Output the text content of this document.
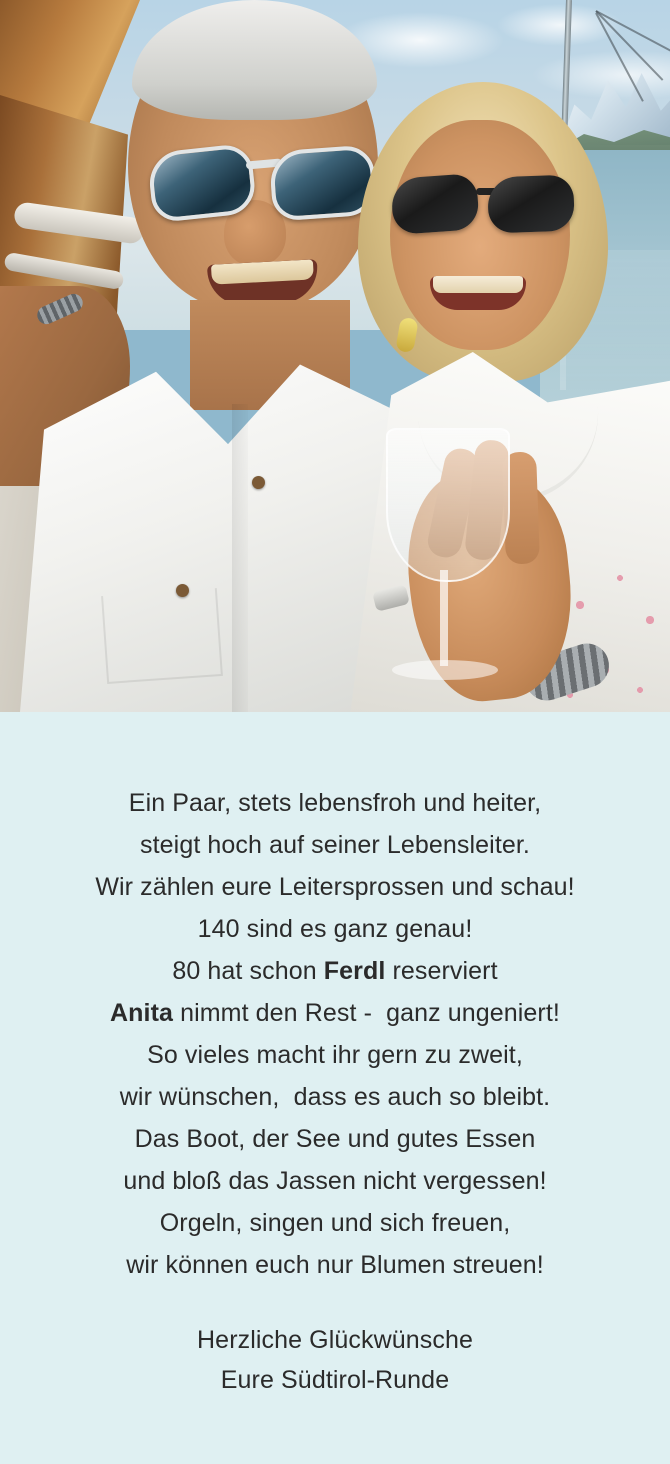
Ein Paar, stets lebensfroh und heiter,
steigt hoch auf seiner Lebensleiter.
Wir zählen eure Leitersprossen und schau!
140 sind es ganz genau!
80 hat schon Ferdl reserviert
Anita nimmt den Rest -  ganz ungeniert!
So vieles macht ihr gern zu zweit,
wir wünschen,  dass es auch so bleibt.
Das Boot, der See und gutes Essen
und bloß das Jassen nicht vergessen!
Orgeln, singen und sich freuen,
wir können euch nur Blumen streuen!
Herzliche Glückwünsche
Eure Südtirol-Runde
